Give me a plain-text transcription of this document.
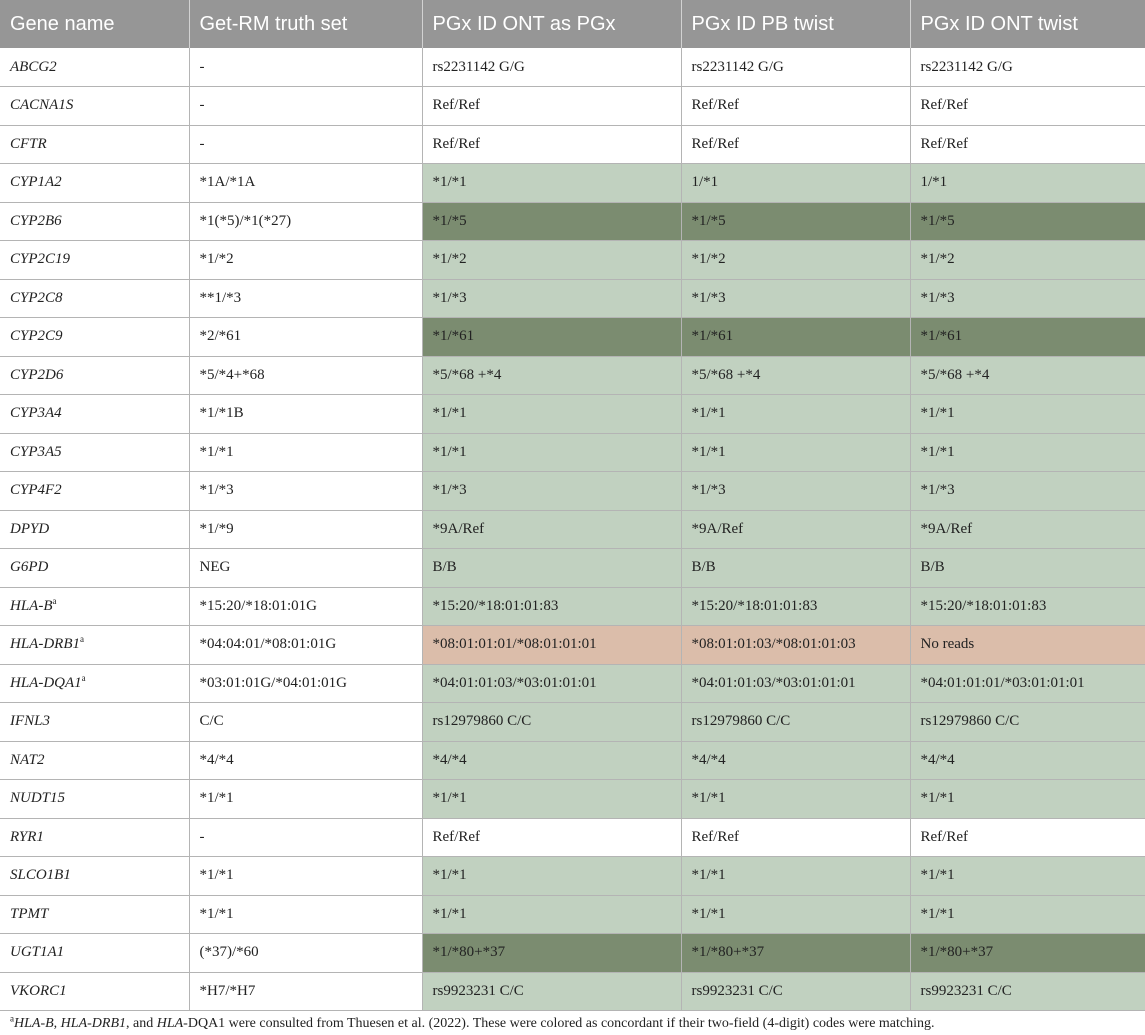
Gene name	Get-RM truth set	PGx ID ONT as PGx	PGx ID PB twist	PGx ID ONT twist
ABCG2	-	rs2231142 G/G	rs2231142 G/G	rs2231142 G/G
CACNA1S	-	Ref/Ref	Ref/Ref	Ref/Ref
CFTR	-	Ref/Ref	Ref/Ref	Ref/Ref
CYP1A2	*1A/*1A	*1/*1	1/*1	1/*1
CYP2B6	*1(*5)/*1(*27)	*1/*5	*1/*5	*1/*5
CYP2C19	*1/*2	*1/*2	*1/*2	*1/*2
CYP2C8	**1/*3	*1/*3	*1/*3	*1/*3
CYP2C9	*2/*61	*1/*61	*1/*61	*1/*61
CYP2D6	*5/*4+*68	*5/*68 +*4	*5/*68 +*4	*5/*68 +*4
CYP3A4	*1/*1B	*1/*1	*1/*1	*1/*1
CYP3A5	*1/*1	*1/*1	*1/*1	*1/*1
CYP4F2	*1/*3	*1/*3	*1/*3	*1/*3
DPYD	*1/*9	*9A/Ref	*9A/Ref	*9A/Ref
G6PD	NEG	B/B	B/B	B/B
HLA-$B^a$	*15:20/*18:01:01G	*15:20/*18:01:01:83	*15:20/*18:01:01:83	*15:20/*18:01:01:83
HLA-DRB1$^a$	*04:04:01/*08:01:01G	*08:01:01:01/*08:01:01:01	*08:01:01:03/*08:01:01:03	No reads
HLA-DQA1$^a$	*03:01:01G/*04:01:01G	*04:01:01:03/*03:01:01:01	*04:01:01:03/*03:01:01:01	*04:01:01:01/*03:01:01:01
IFNL3	C/C	rs12979860 C/C	rs12979860 C/C	rs12979860 C/C
NAT2	*4/*4	*4/*4	*4/*4	*4/*4
NUDT15	*1/*1	*1/*1	*1/*1	*1/*1
RYR1	-	Ref/Ref	Ref/Ref	Ref/Ref
SLCO1B1	*1/*1	*1/*1	*1/*1	*1/*1
TPMT	*1/*1	*1/*1	*1/*1	*1/*1
UGT1A1	(*37)/*60	*1/*80+*37	*1/*80+*37	*1/*80+*37
VKORC1	*H7/*H7	rs9923231 C/C	rs9923231 C/C	rs9923231 C/C
$^a$HLA-B, HLA-DRB1, and HLA-DQA1 were consulted from Thuesen et al. (2022). These were colored as concordant if their two-field (4-digit) codes were matching.
